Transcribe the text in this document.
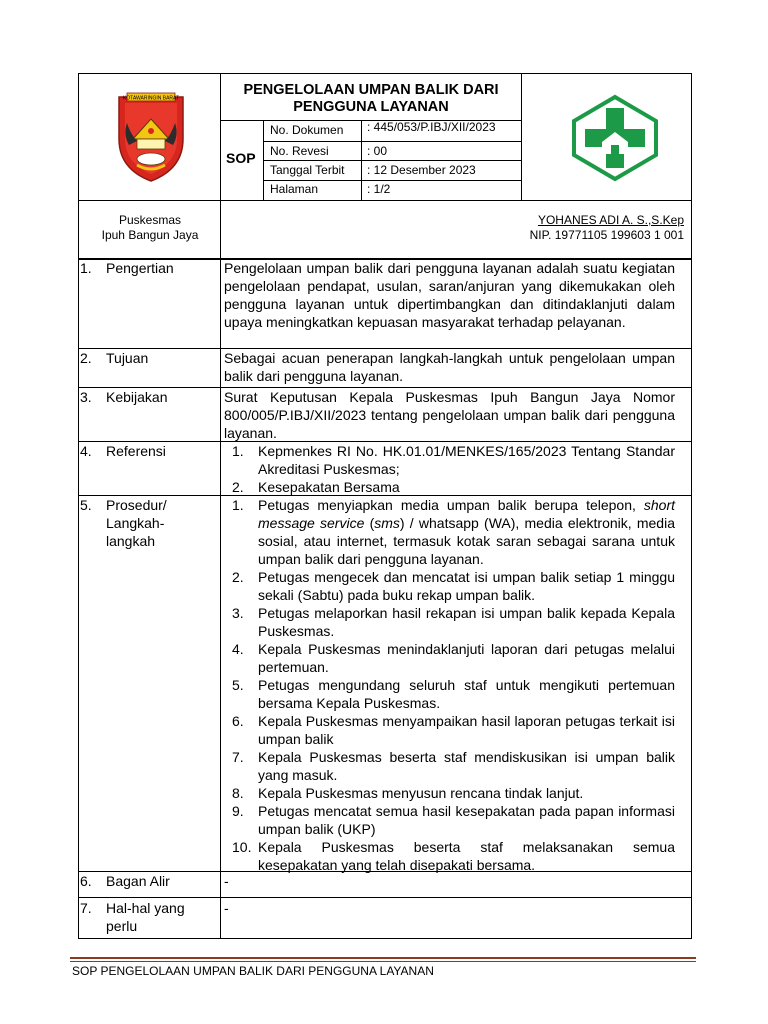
KOTAWARINGIN BARAT
PENGELOLAAN UMPAN BALIK DARI PENGGUNA LAYANAN
SOP
No. Dokumen : 445/053/P.IBJ/XII/2023
No. Revesi	: 00
Tanggal Terbit : 12 Desember 2023
Halaman	: 1/2
Puskesmas
Ipuh Bangun Jaya
YOHANES ADI A. S.,S.Kep
NIP. 19771105 199603 1 001
1. Pengertian	Pengelolaan umpan balik dari pengguna layanan adalah suatu kegiatan pengelolaan pendapat, usulan, saran/anjuran yang dikemukakan oleh pengguna layanan untuk dipertimbangkan dan ditindaklanjuti dalam upaya meningkatkan kepuasan masyarakat terhadap pelayanan.
2. Tujuan	Sebagai acuan penerapan langkah-langkah untuk pengelolaan umpan balik dari pengguna layanan.
3. Kebijakan	Surat Keputusan Kepala Puskesmas Ipuh Bangun Jaya Nomor 800/005/P.IBJ/XII/2023 tentang pengelolaan umpan balik dari pengguna layanan.
4. Referensi	1.	Kepmenkes RI No. HK.01.01/MENKES/165/2023 Tentang Standar Akreditasi Puskesmas;
2.	Kesepakatan Bersama
5. Prosedur/
Langkah-
langkah
1.	Petugas menyiapkan media umpan balik berupa telepon, short message service (sms) / whatsapp (WA), media elektronik, media sosial, atau internet, termasuk kotak saran sebagai sarana untuk umpan balik dari pengguna layanan.
2.	Petugas mengecek dan mencatat isi umpan balik setiap 1 minggu sekali (Sabtu) pada buku rekap umpan balik.
3.	Petugas melaporkan hasil rekapan isi umpan balik kepada Kepala Puskesmas.
4.	Kepala Puskesmas menindaklanjuti laporan dari petugas melalui pertemuan.
5.	Petugas mengundang seluruh staf untuk mengikuti pertemuan bersama Kepala Puskesmas.
6.	Kepala Puskesmas menyampaikan hasil laporan petugas terkait isi umpan balik
7.	Kepala Puskesmas beserta staf mendiskusikan isi umpan balik yang masuk.
8.	Kepala Puskesmas menyusun rencana tindak lanjut.
9.	Petugas mencatat semua hasil kesepakatan pada papan informasi umpan balik (UKP)
10. Kepala Puskesmas beserta staf melaksanakan semua kesepakatan yang telah disepakati bersama.
6. Bagan Alir	-
7. Hal-hal yang
perlu
-
SOP PENGELOLAAN UMPAN BALIK DARI PENGGUNA LAYANAN
